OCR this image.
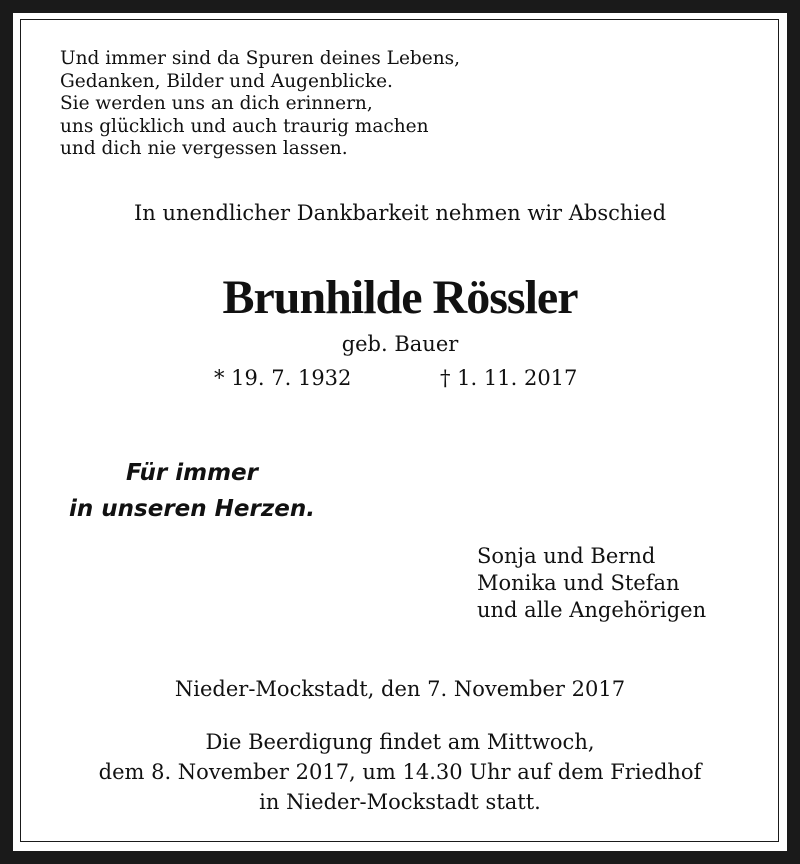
Und immer sind da Spuren deines Lebens,
Gedanken, Bilder und Augenblicke.
Sie werden uns an dich erinnern,
uns glücklich und auch traurig machen
und dich nie vergessen lassen.
In unendlicher Dankbarkeit nehmen wir Abschied
Brunhilde Rössler
geb. Bauer
* 19. 7. 1932	† 1. 11. 2017
Für immer
in unseren Herzen.
Sonja und Bernd
Monika und Stefan
und alle Angehörigen
Nieder-Mockstadt, den 7. November 2017
Die Beerdigung findet am Mittwoch,
dem 8. November 2017, um 14.30 Uhr auf dem Friedhof
in Nieder-Mockstadt statt.
